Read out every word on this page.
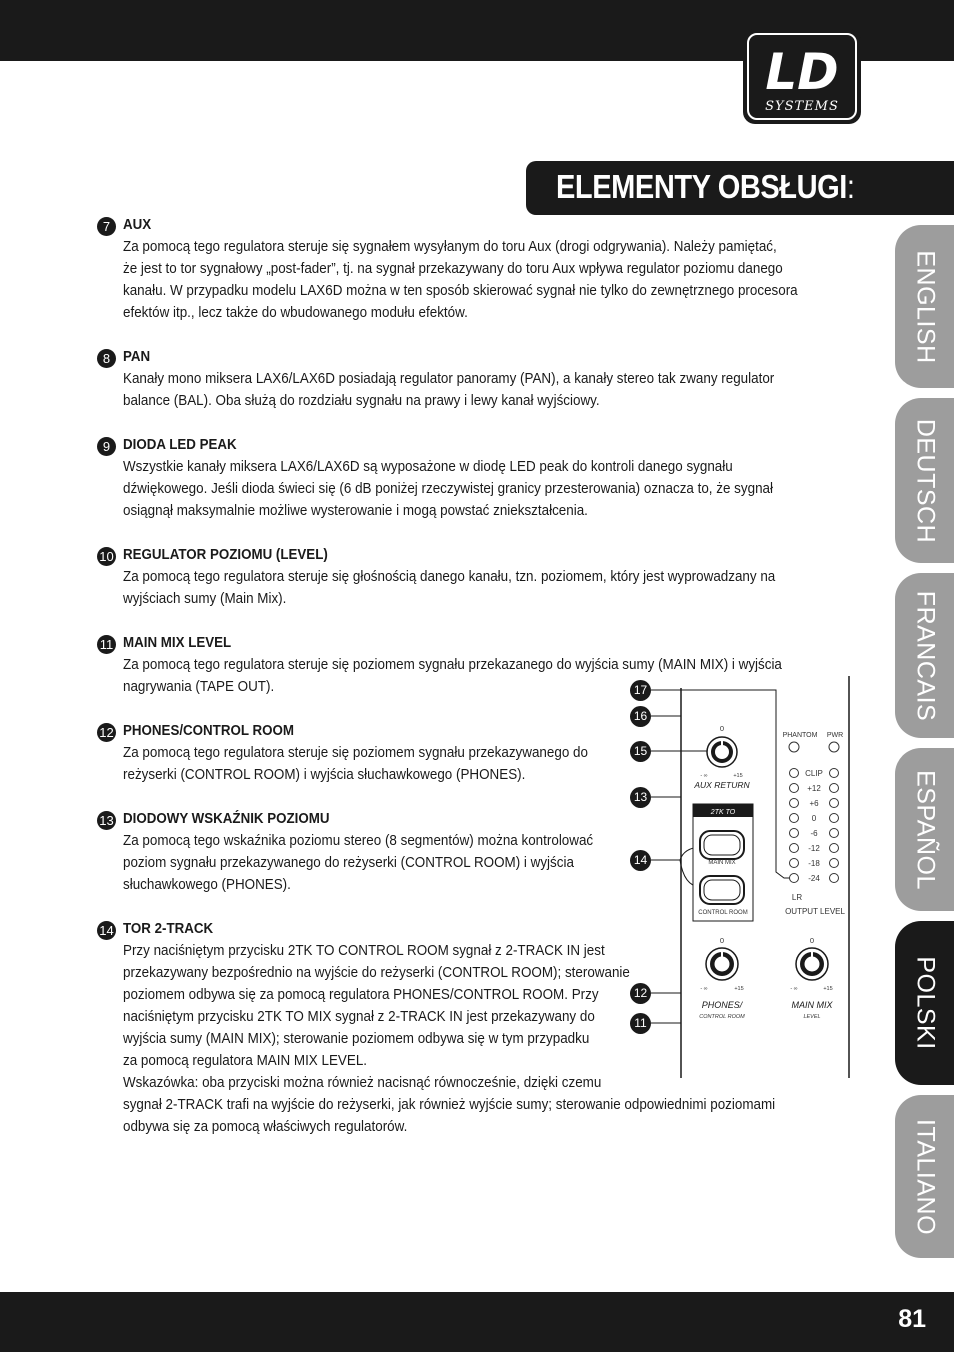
LD
SYSTEMS
ELEMENTY OBSŁUGI:
ENGLISH
DEUTSCH
FRANCAIS
ESPAÑOL
POLSKI
ITALIANO
7 AUX
Za pomocą tego regulatora steruje się sygnałem wysyłanym do toru Aux (drogi odgrywania). Należy pamiętać,
że jest to tor sygnałowy „post-fader”, tj. na sygnał przekazywany do toru Aux wpływa regulator poziomu danego
kanału. W przypadku modelu LAX6D można w ten sposób skierować sygnał nie tylko do zewnętrznego procesora
efektów itp., lecz także do wbudowanego modułu efektów.
8 PAN
Kanały mono miksera LAX6/LAX6D posiadają regulator panoramy (PAN), a kanały stereo tak zwany regulator
balance (BAL). Oba służą do rozdziału sygnału na prawy i lewy kanał wyjściowy.
9 DIODA LED PEAK
Wszystkie kanały miksera LAX6/LAX6D są wyposażone w diodę LED peak do kontroli danego sygnału
dźwiękowego. Jeśli dioda świeci się (6 dB poniżej rzeczywistej granicy przesterowania) oznacza to, że sygnał
osiągnął maksymalnie możliwe wysterowanie i mogą powstać zniekształcenia.
10 REGULATOR POZIOMU (LEVEL)
Za pomocą tego regulatora steruje się głośnością danego kanału, tzn. poziomem, który jest wyprowadzany na
wyjściach sumy (Main Mix).
11 MAIN MIX LEVEL
Za pomocą tego regulatora steruje się poziomem sygnału przekazanego do wyjścia sumy (MAIN MIX) i wyjścia
nagrywania (TAPE OUT).
12 PHONES/CONTROL ROOM
Za pomocą tego regulatora steruje się poziomem sygnału przekazywanego do
reżyserki (CONTROL ROOM) i wyjścia słuchawkowego (PHONES).
13 DIODOWY WSKAŹNIK POZIOMU
Za pomocą tego wskaźnika poziomu stereo (8 segmentów) można kontrolować
poziom sygnału przekazywanego do reżyserki (CONTROL ROOM) i wyjścia
słuchawkowego (PHONES).
14 TOR 2-TRACK
Przy naciśniętym przycisku 2TK TO CONTROL ROOM sygnał z 2-TRACK IN jest
przekazywany bezpośrednio na wyjście do reżyserki (CONTROL ROOM); sterowanie
poziomem odbywa się za pomocą regulatora PHONES/CONTROL ROOM. Przy
naciśniętym przycisku 2TK TO MIX sygnał z 2-TRACK IN jest przekazywany do
wyjścia sumy (MAIN MIX); sterowanie poziomem odbywa się w tym przypadku
za pomocą regulatora MAIN MIX LEVEL.
Wskazówka: oba przyciski można również nacisnąć równocześnie, dzięki czemu
sygnał 2-TRACK trafi na wyjście do reżyserki, jak również wyjście sumy; sterowanie odpowiednimi poziomami
odbywa się za pomocą właściwych regulatorów.
PHANTOM PWR
0
- ∞	+15
AUX RETURN
2TK TO
MAIN MIX
CONTROL ROOM
CLIP
+12
+6
0
-6
-12
-18
-24
LR
OUTPUT LEVEL
0
- ∞	+15
PHONES/
CONTROL ROOM
0
- ∞	+15
MAIN MIX
LEVEL
17
16
15
13
14
12
11
81
